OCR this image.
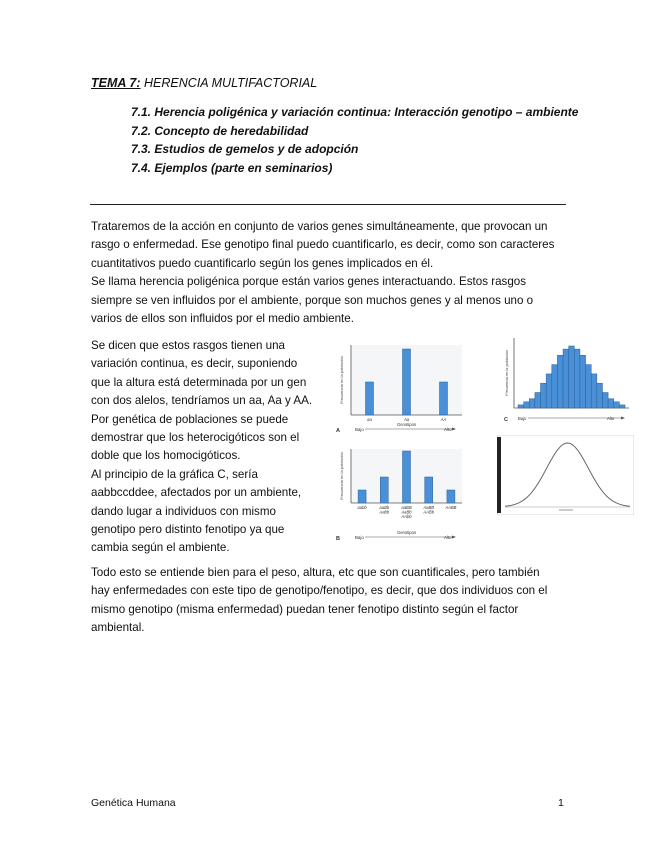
TEMA 7: HERENCIA MULTIFACTORIAL
7.1. Herencia poligénica y variación continua: Interacción genotipo – ambiente
7.2. Concepto de heredabilidad
7.3. Estudios de gemelos y de adopción
7.4. Ejemplos (parte en seminarios)
Trataremos de la acción en conjunto de varios genes simultáneamente, que provocan un
rasgo o enfermedad. Ese genotipo final puedo cuantificarlo, es decir, como son caracteres
cuantitativos puedo cuantificarlo según los genes implicados en él.
Se llama herencia poligénica porque están varios genes interactuando. Estos rasgos
siempre se ven influidos por el ambiente, porque son muchos genes y al menos uno o
varios de ellos son influidos por el medio ambiente.
Se dicen que estos rasgos tienen una
variación continua, es decir, suponiendo
que la altura está determinada por un gen
con dos alelos, tendríamos un aa, Aa y AA.
Por genética de poblaciones se puede
demostrar que los heterocigóticos son el
doble que los homocigóticos.
Al principio de la gráfica C, sería
aabbccddee, afectados por un ambiente,
dando lugar a individuos con mismo
genotipo pero distinto fenotipo ya que
cambia según el ambiente.
Frecuencia en la población
aa	Aa	AA
Genotipos
Bajo	Alto
A
Frecuencia en la población
aabb	aaBb
Aabb
aaBB
AaBb
AAbb
AaBB
AABb
AABB
Genotipos
Bajo	Alto
B
Frecuencia en la población
Bajo	Alto
C
Todo esto se entiende bien para el peso, altura, etc que son cuantificales, pero también
hay enfermedades con este tipo de genotipo/fenotipo, es decir, que dos individuos con el
mismo genotipo (misma enfermedad) puedan tener fenotipo distinto según el factor
ambiental.
Genética Humana	1
